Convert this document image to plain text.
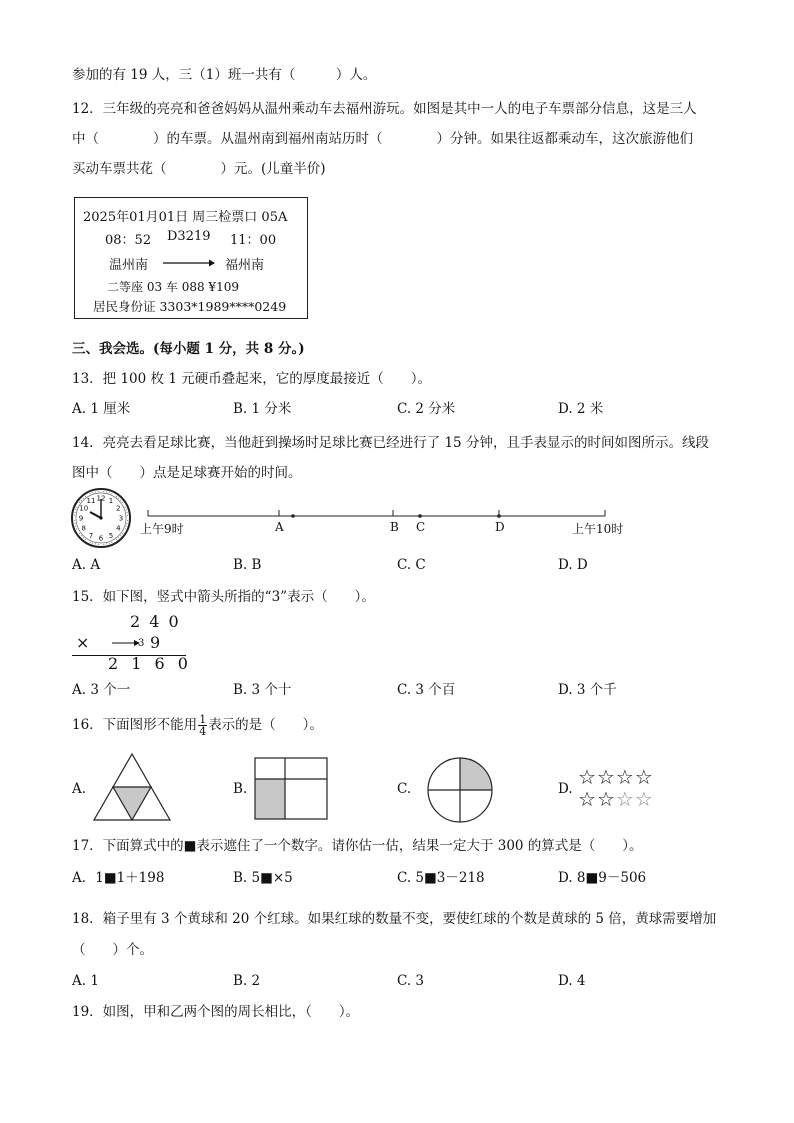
参加的有 19 人，三（1）班一共有（　　　）人。
12．三年级的亮亮和爸爸妈妈从温州乘动车去福州游玩。如图是其中一人的电子车票部分信息，这是三人
中（　　　　）的车票。从温州南到福州南站历时（　　　　）分钟。如果往返都乘动车，这次旅游他们
买动车票共花（　　　　）元。(儿童半价)
2025年01月01日 周三检票口 05A
08：52 D3219 11：00
温州南	福州南
二等座 03 车 088 ¥109
居民身份证 3303*1989****0249
三、我会选。(每小题 1 分，共 8 分。)
13．把 100 枚 1 元硬币叠起来，它的厚度最接近（　　）。
A. 1 厘米	B. 1 分米	C. 2 分米	D. 2 米
14．亮亮去看足球比赛，当他赶到操场时足球比赛已经进行了 15 分钟，且手表显示的时间如图所示。线段
图中（　　）点是足球赛开始的时间。
12 1
2
3
4
5
6
7
8
9
10
11
上午9时	上午10时
A	B C	D
A. A	B. B	C. C	D. D
15．如下图，竖式中箭头所指的“3”表示（　　）。
2 4 0
×	3 9
2 1 6 0
A. 3 个一	B. 3 个十	C. 3 个百	D. 3 个千
16．下面图形不能用 $\frac{1}{4}$ 表示的是（　　）。
A.	B.	C.	D. ☆☆☆☆
☆☆☆☆
17．下面算式中的■表示遮住了一个数字。请你估一估，结果一定大于 300 的算式是（　　）。
A．1■1＋198	B. 5■×5	C. 5■3－218	D. 8■9－506
18．箱子里有 3 个黄球和 20 个红球。如果红球的数量不变，要使红球的个数是黄球的 5 倍，黄球需要增加
（　　）个。
A. 1	B. 2	C. 3	D. 4
19．如图，甲和乙两个图的周长相比，（　　）。
